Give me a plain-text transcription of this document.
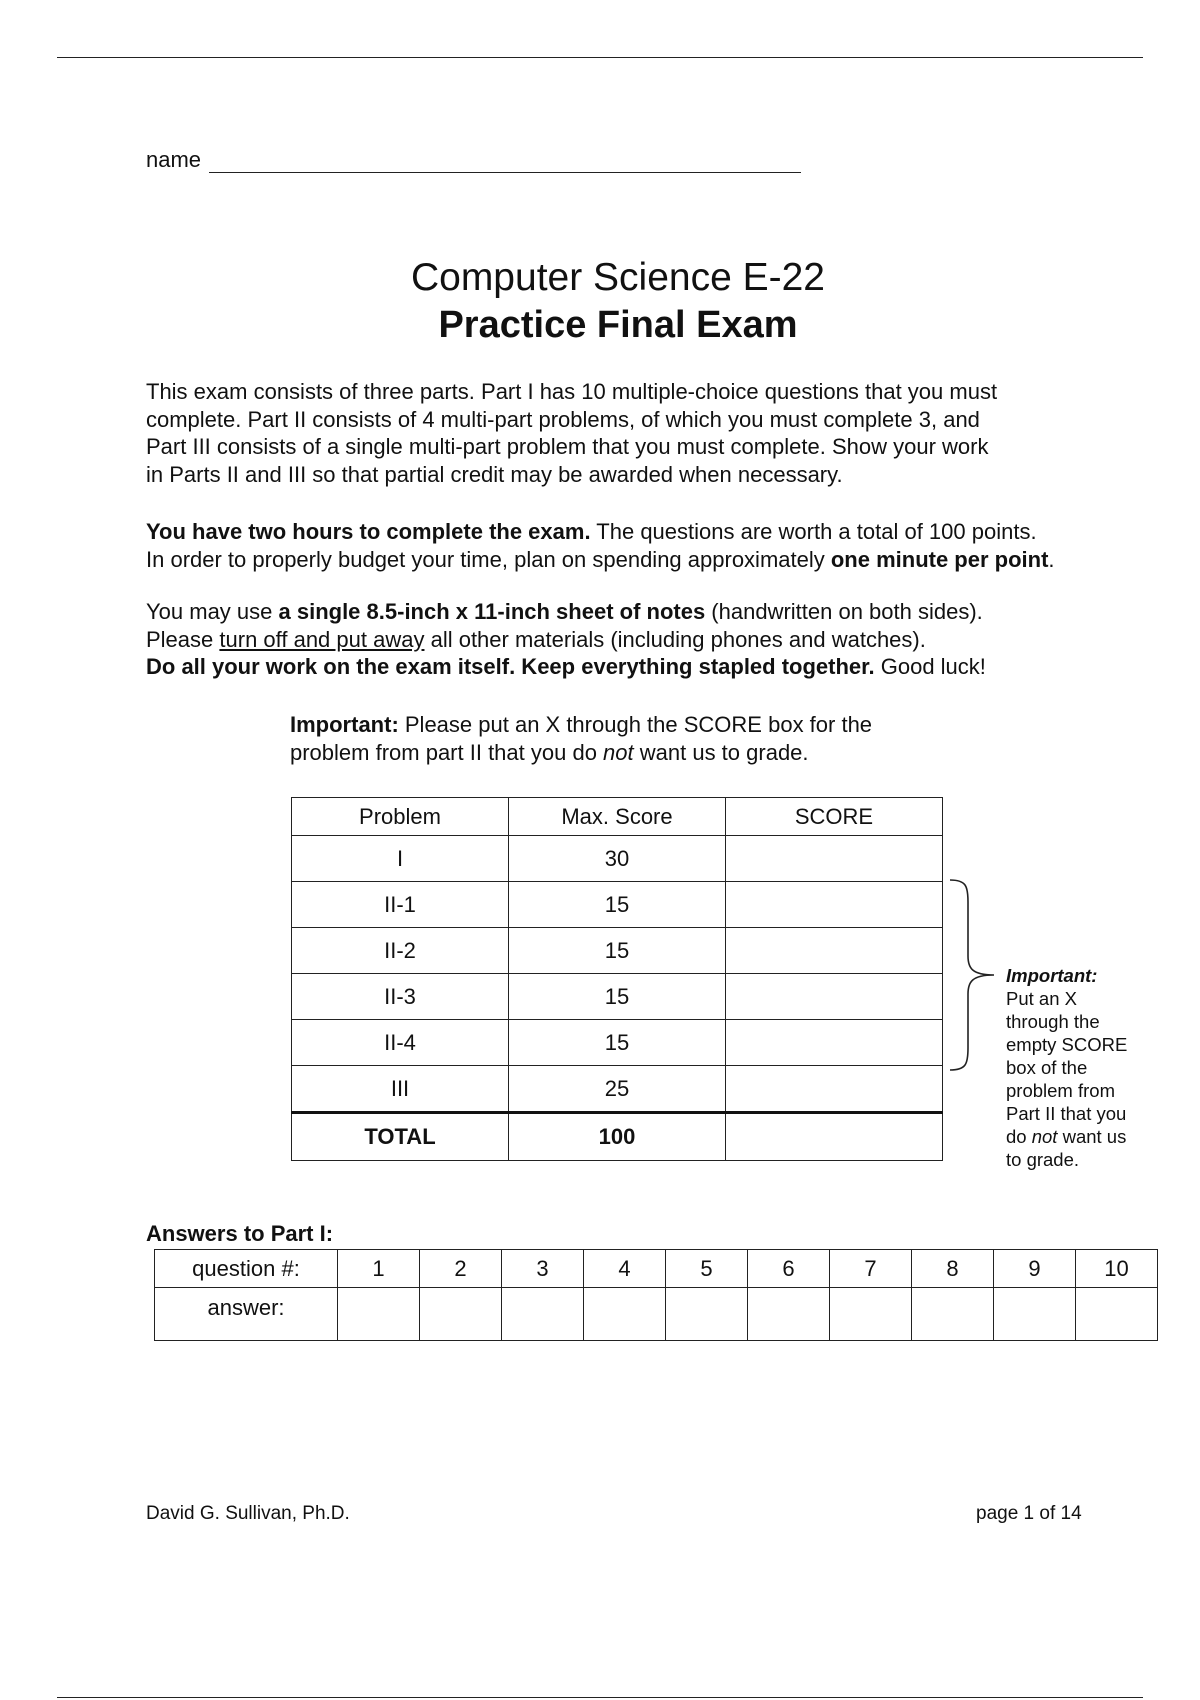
name
Computer Science E-22
Practice Final Exam

This exam consists of three parts. Part I has 10 multiple-choice questions that you must
complete. Part II consists of 4 multi-part problems, of which you must complete 3, and
Part III consists of a single multi-part problem that you must complete. Show your work
in Parts II and III so that partial credit may be awarded when necessary.

You have two hours to complete the exam. The questions are worth a total of 100 points.
In order to properly budget your time, plan on spending approximately one minute per point.

You may use a single 8.5-inch x 11-inch sheet of notes (handwritten on both sides).
Please turn off and put away all other materials (including phones and watches).
Do all your work on the exam itself. Keep everything stapled together. Good luck!

Important: Please put an X through the SCORE box for the
problem from part II that you do not want us to grade.

Problem	Max. Score	SCORE
I	30	
II-1	15	
II-2	15	
II-3	15	
II-4	15	
III	25	
TOTAL	100	
Important:
Put an X
through the
empty SCORE
box of the
problem from
Part II that you
do not want us
to grade.
Answers to Part I:
question #:	1	2	3	4	5	6	7	8	9	10
answer:										
David G. Sullivan, Ph.D.	page 1 of 14
